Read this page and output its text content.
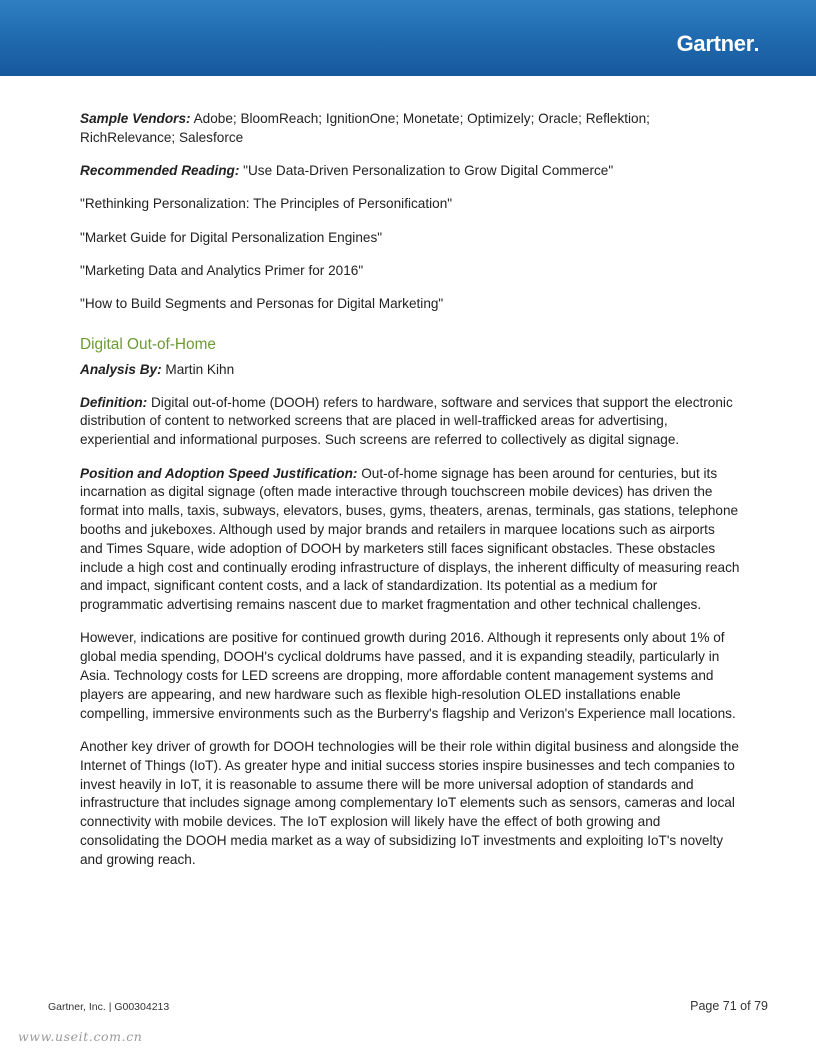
Gartner

Sample Vendors: Adobe; BloomReach; IgnitionOne; Monetate; Optimizely; Oracle; Reflektion; RichRelevance; Salesforce

Recommended Reading: "Use Data-Driven Personalization to Grow Digital Commerce"

"Rethinking Personalization: The Principles of Personification"

"Market Guide for Digital Personalization Engines"

"Marketing Data and Analytics Primer for 2016"

"How to Build Segments and Personas for Digital Marketing"

Digital Out-of-Home

Analysis By: Martin Kihn

Definition: Digital out-of-home (DOOH) refers to hardware, software and services that support the electronic distribution of content to networked screens that are placed in well-trafficked areas for advertising, experiential and informational purposes. Such screens are referred to collectively as digital signage.

Position and Adoption Speed Justification: Out-of-home signage has been around for centuries, but its incarnation as digital signage (often made interactive through touchscreen mobile devices) has driven the format into malls, taxis, subways, elevators, buses, gyms, theaters, arenas, terminals, gas stations, telephone booths and jukeboxes. Although used by major brands and retailers in marquee locations such as airports and Times Square, wide adoption of DOOH by marketers still faces significant obstacles. These obstacles include a high cost and continually eroding infrastructure of displays, the inherent difficulty of measuring reach and impact, significant content costs, and a lack of standardization. Its potential as a medium for programmatic advertising remains nascent due to market fragmentation and other technical challenges.

However, indications are positive for continued growth during 2016. Although it represents only about 1% of global media spending, DOOH's cyclical doldrums have passed, and it is expanding steadily, particularly in Asia. Technology costs for LED screens are dropping, more affordable content management systems and players are appearing, and new hardware such as flexible high-resolution OLED installations enable compelling, immersive environments such as the Burberry's flagship and Verizon's Experience mall locations.

Another key driver of growth for DOOH technologies will be their role within digital business and alongside the Internet of Things (IoT). As greater hype and initial success stories inspire businesses and tech companies to invest heavily in IoT, it is reasonable to assume there will be more universal adoption of standards and infrastructure that includes signage among complementary IoT elements such as sensors, cameras and local connectivity with mobile devices. The IoT explosion will likely have the effect of both growing and consolidating the DOOH media market as a way of subsidizing IoT investments and exploiting IoT's novelty and growing reach.

Gartner, Inc. | G00304213	Page 71 of 79
www.useit.com.cn
